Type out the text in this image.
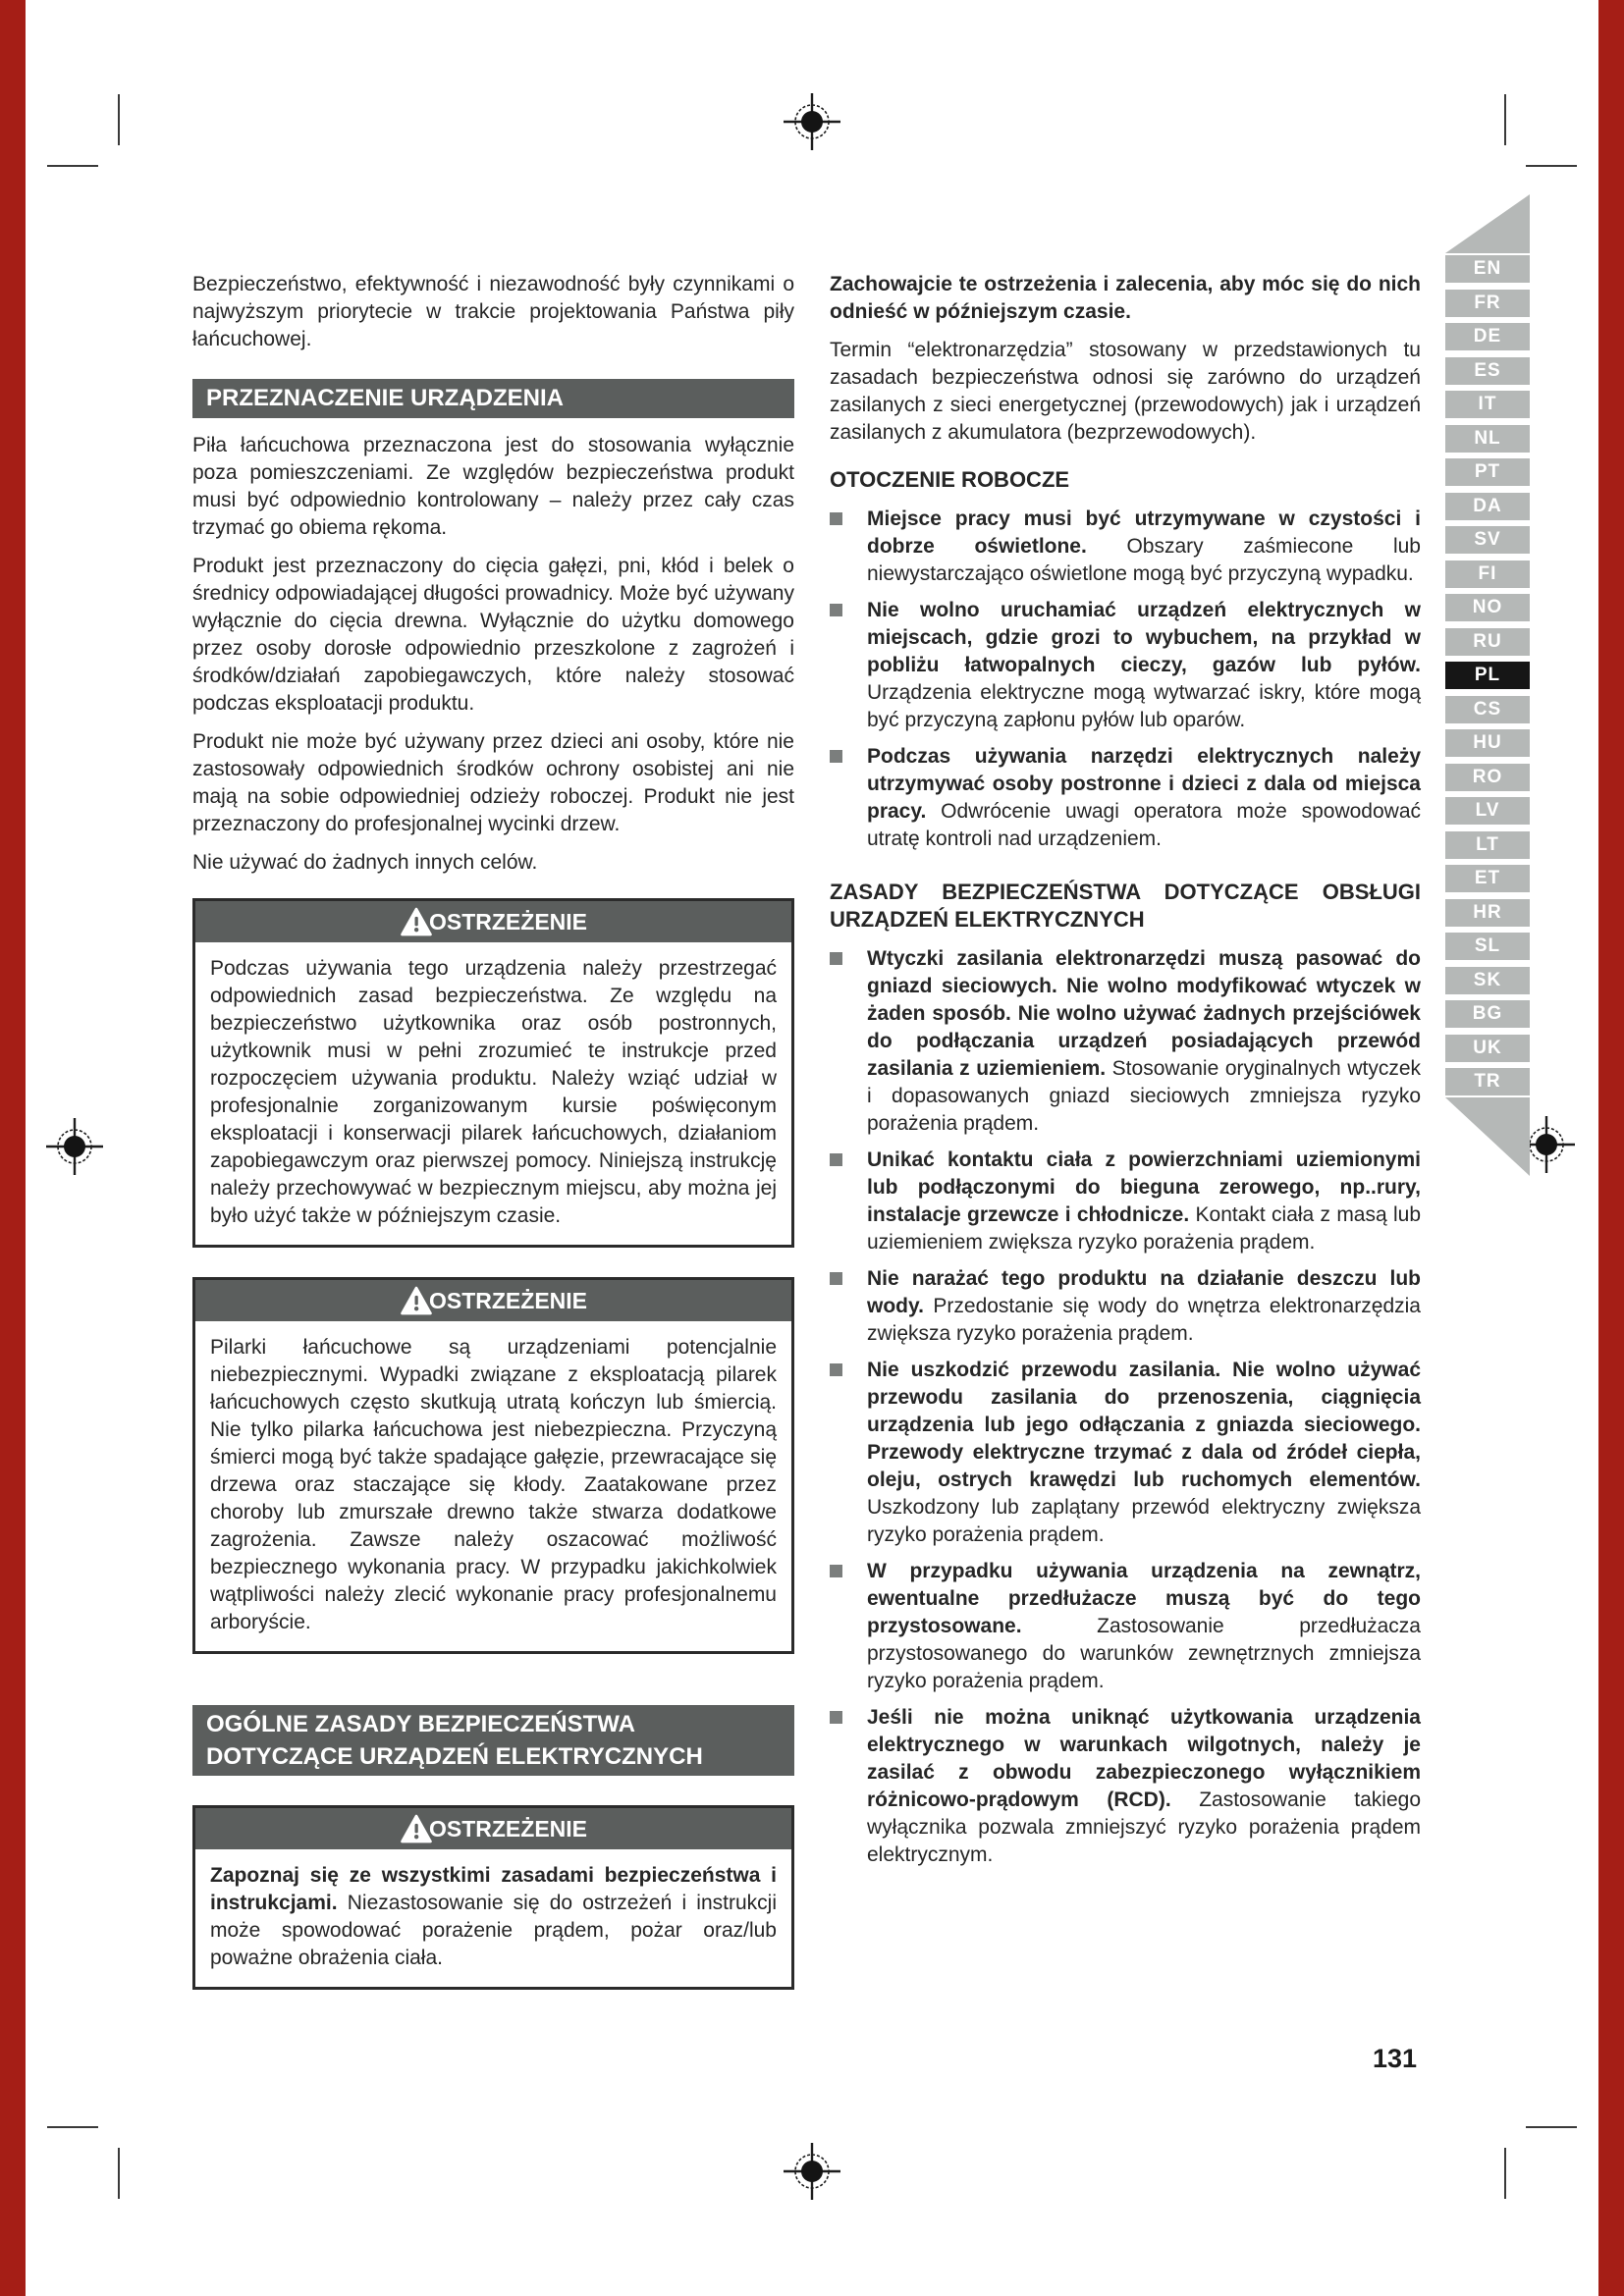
Bezpieczeństwo, efektywność i niezawodność były czynnikami o najwyższym priorytecie w trakcie projektowania Państwa piły łańcuchowej.

PRZEZNACZENIE URZĄDZENIA

Piła łańcuchowa przeznaczona jest do stosowania wyłącznie poza pomieszczeniami. Ze względów bezpieczeństwa produkt musi być odpowiednio kontrolowany – należy przez cały czas trzymać go obiema rękoma.

Produkt jest przeznaczony do cięcia gałęzi, pni, kłód i belek o średnicy odpowiadającej długości prowadnicy. Może być używany wyłącznie do cięcia drewna. Wyłącznie do użytku domowego przez osoby dorosłe odpowiednio przeszkolone z zagrożeń i środków/działań zapobiegawczych, które należy stosować podczas eksploatacji produktu.

Produkt nie może być używany przez dzieci ani osoby, które nie zastosowały odpowiednich środków ochrony osobistej ani nie mają na sobie odpowiedniej odzieży roboczej. Produkt nie jest przeznaczony do profesjonalnej wycinki drzew.

Nie używać do żadnych innych celów.

OSTRZEŻENIE
Podczas używania tego urządzenia należy przestrzegać odpowiednich zasad bezpieczeństwa. Ze względu na bezpieczeństwo użytkownika oraz osób postronnych, użytkownik musi w pełni zrozumieć te instrukcje przed rozpoczęciem używania produktu. Należy wziąć udział w profesjonalnie zorganizowanym kursie poświęconym eksploatacji i konserwacji pilarek łańcuchowych, działaniom zapobiegawczym oraz pierwszej pomocy. Niniejszą instrukcję należy przechowywać w bezpiecznym miejscu, aby można jej było użyć także w późniejszym czasie.
OSTRZEŻENIE
Pilarki łańcuchowe są urządzeniami potencjalnie niebezpiecznymi. Wypadki związane z eksploatacją pilarek łańcuchowych często skutkują utratą kończyn lub śmiercią. Nie tylko pilarka łańcuchowa jest niebezpieczna. Przyczyną śmierci mogą być także spadające gałęzie, przewracające się drzewa oraz staczające się kłody. Zaatakowane przez choroby lub zmurszałe drewno także stwarza dodatkowe zagrożenia. Zawsze należy oszacować możliwość bezpiecznego wykonania pracy. W przypadku jakichkolwiek wątpliwości należy zlecić wykonanie pracy profesjonalnemu arboryście.
OGÓLNE ZASADY BEZPIECZEŃSTWA DOTYCZĄCE URZĄDZEŃ ELEKTRYCZNYCH
OSTRZEŻENIE
Zapoznaj się ze wszystkimi zasadami bezpieczeństwa i instrukcjami. Niezastosowanie się do ostrzeżeń i instrukcji może spowodować porażenie prądem, pożar oraz/lub poważne obrażenia ciała.

Zachowajcie te ostrzeżenia i zalecenia, aby móc się do nich odnieść w późniejszym czasie.

Termin “elektronarzędzia” stosowany w przedstawionych tu zasadach bezpieczeństwa odnosi się zarówno do urządzeń zasilanych z sieci energetycznej (przewodowych) jak i urządzeń zasilanych z akumulatora (bezprzewodowych).

OTOCZENIE ROBOCZE
Miejsce pracy musi być utrzymywane w czystości i dobrze oświetlone. Obszary zaśmiecone lub niewystarczająco oświetlone mogą być przyczyną wypadku.
Nie wolno uruchamiać urządzeń elektrycznych w miejscach, gdzie grozi to wybuchem, na przykład w pobliżu łatwopalnych cieczy, gazów lub pyłów. Urządzenia elektryczne mogą wytwarzać iskry, które mogą być przyczyną zapłonu pyłów lub oparów.
Podczas używania narzędzi elektrycznych należy utrzymywać osoby postronne i dzieci z dala od miejsca pracy. Odwrócenie uwagi operatora może spowodować utratę kontroli nad urządzeniem.
ZASADY BEZPIECZEŃSTWA DOTYCZĄCE OBSŁUGI URZĄDZEŃ ELEKTRYCZNYCH
Wtyczki zasilania elektronarzędzi muszą pasować do gniazd sieciowych. Nie wolno modyfikować wtyczek w żaden sposób. Nie wolno używać żadnych przejściówek do podłączania urządzeń posiadających przewód zasilania z uziemieniem. Stosowanie oryginalnych wtyczek i dopasowanych gniazd sieciowych zmniejsza ryzyko porażenia prądem.
Unikać kontaktu ciała z powierzchniami uziemionymi lub podłączonymi do bieguna zerowego, np..rury, instalacje grzewcze i chłodnicze. Kontakt ciała z masą lub uziemieniem zwiększa ryzyko porażenia prądem.
Nie narażać tego produktu na działanie deszczu lub wody. Przedostanie się wody do wnętrza elektronarzędzia zwiększa ryzyko porażenia prądem.
Nie uszkodzić przewodu zasilania. Nie wolno używać przewodu zasilania do przenoszenia, ciągnięcia urządzenia lub jego odłączania z gniazda sieciowego. Przewody elektryczne trzymać z dala od źródeł ciepła, oleju, ostrych krawędzi lub ruchomych elementów. Uszkodzony lub zaplątany przewód elektryczny zwiększa ryzyko porażenia prądem.
W przypadku używania urządzenia na zewnątrz, ewentualne przedłużacze muszą być do tego przystosowane. Zastosowanie przedłużacza przystosowanego do warunków zewnętrznych zmniejsza ryzyko porażenia prądem.
Jeśli nie można uniknąć użytkowania urządzenia elektrycznego w warunkach wilgotnych, należy je zasilać z obwodu zabezpieczonego wyłącznikiem różnicowo-prądowym (RCD). Zastosowanie takiego wyłącznika pozwala zmniejszyć ryzyko porażenia prądem elektrycznym.
EN
FR
DE
ES
IT
NL
PT
DA
SV
FI
NO
RU
PL
CS
HU
RO
LV
LT
ET
HR
SL
SK
BG
UK
TR
131
